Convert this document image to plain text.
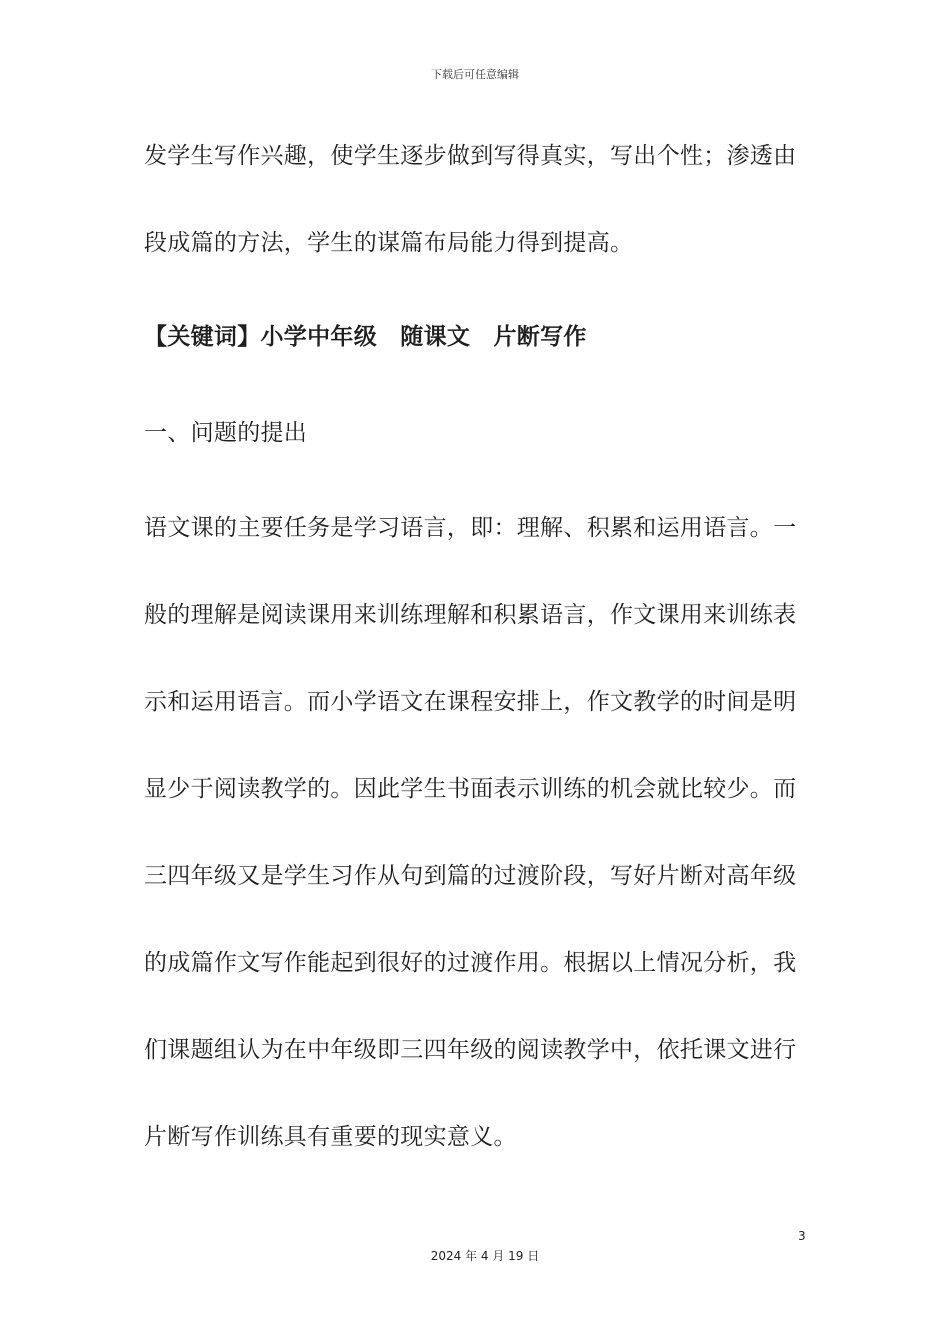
下载后可任意编辑
发学生写作兴趣，使学生逐步做到写得真实，写出个性；渗透由
段成篇的方法，学生的谋篇布局能力得到提高。
【关键词】小学中年级　随课文　片断写作
一、问题的提出
语文课的主要任务是学习语言，即：理解、积累和运用语言。一
般的理解是阅读课用来训练理解和积累语言，作文课用来训练表
示和运用语言。而小学语文在课程安排上，作文教学的时间是明
显少于阅读教学的。因此学生书面表示训练的机会就比较少。而
三四年级又是学生习作从句到篇的过渡阶段，写好片断对高年级
的成篇作文写作能起到很好的过渡作用。根据以上情况分析，我
们课题组认为在中年级即三四年级的阅读教学中，依托课文进行
片断写作训练具有重要的现实意义。
3
2024 年 4 月 19 日
